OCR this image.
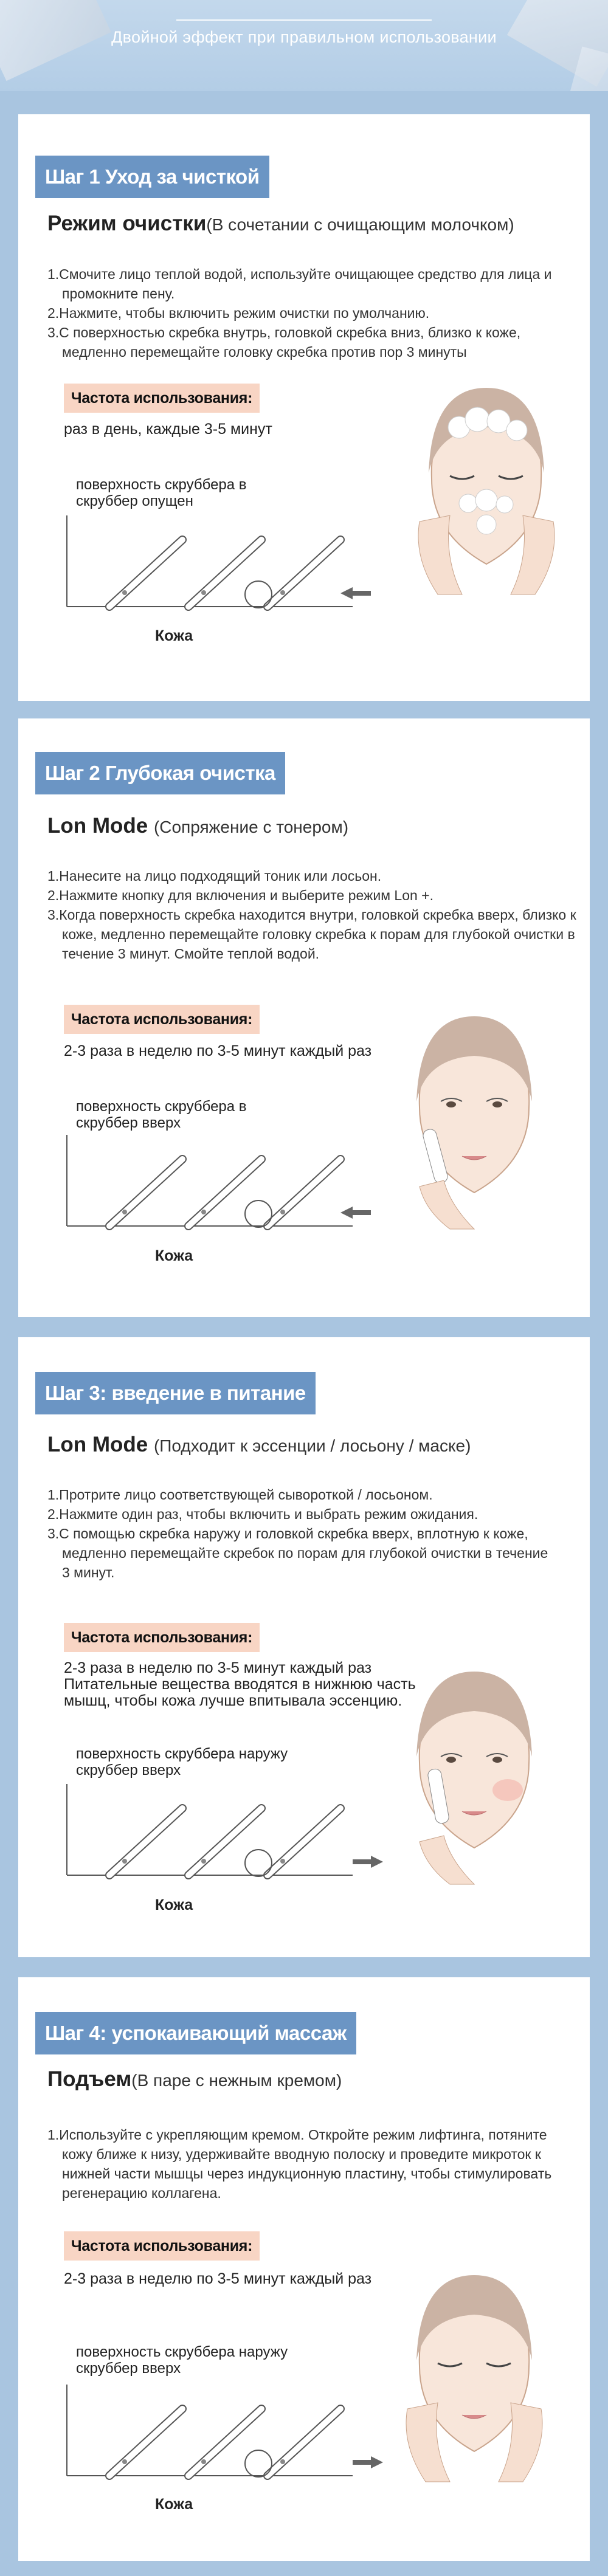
Двойной эффект при правильном использовании
Шаг 1 Уход за чисткой
Режим очистки(В сочетании с очищающим молочком)
1.Смочите лицо теплой водой, используйте очищающее средство для лица и промокните пену.
2.Нажмите, чтобы включить режим очистки по умолчанию.
3.С поверхностью скребка внутрь, головкой скребка вниз, близко к коже, медленно перемещайте головку скребка против пор 3 минуты
Частота использования:
раз в день, каждые 3-5 минут
поверхность скруббера в скруббер опущен
Кожа
Шаг 2 Глубокая очистка
Lon Mode (Сопряжение с тонером)
1.Нанесите на лицо подходящий тоник или лосьон.
2.Нажмите кнопку для включения и выберите режим Lon +.
3.Когда поверхность скребка находится внутри, головкой скребка вверх, близко к коже, медленно перемещайте головку скребка к порам для глубокой очистки в течение 3 минут. Смойте теплой водой.
Частота использования:
2-3 раза в неделю по 3-5 минут каждый раз
поверхность скруббера в скруббер вверх
Кожа
Шаг 3: введение в питание
Lon Mode (Подходит к эссенции / лосьону / маске)
1.Протрите лицо соответствующей сывороткой / лосьоном.
2.Нажмите один раз, чтобы включить и выбрать режим ожидания.
3.С помощью скребка наружу и головкой скребка вверх, вплотную к коже, медленно перемещайте скребок по порам для глубокой очистки в течение 3 минут.
Частота использования:
2-3 раза в неделю по 3-5 минут каждый раз Питательные вещества вводятся в нижнюю часть мышц, чтобы кожа лучше впитывала эссенцию.
поверхность скруббера наружу скруббер вверх
Кожа
Шаг 4: успокаивающий массаж
Подъем(В паре с нежным кремом)
1.Используйте с укрепляющим кремом. Откройте режим лифтинга, потяните кожу ближе к низу, удерживайте вводную полоску и проведите микроток к нижней части мышцы через индукционную пластину, чтобы стимулировать регенерацию коллагена.
Частота использования:
2-3 раза в неделю по 3-5 минут каждый раз
поверхность скруббера наружу скруббер вверх
Кожа
